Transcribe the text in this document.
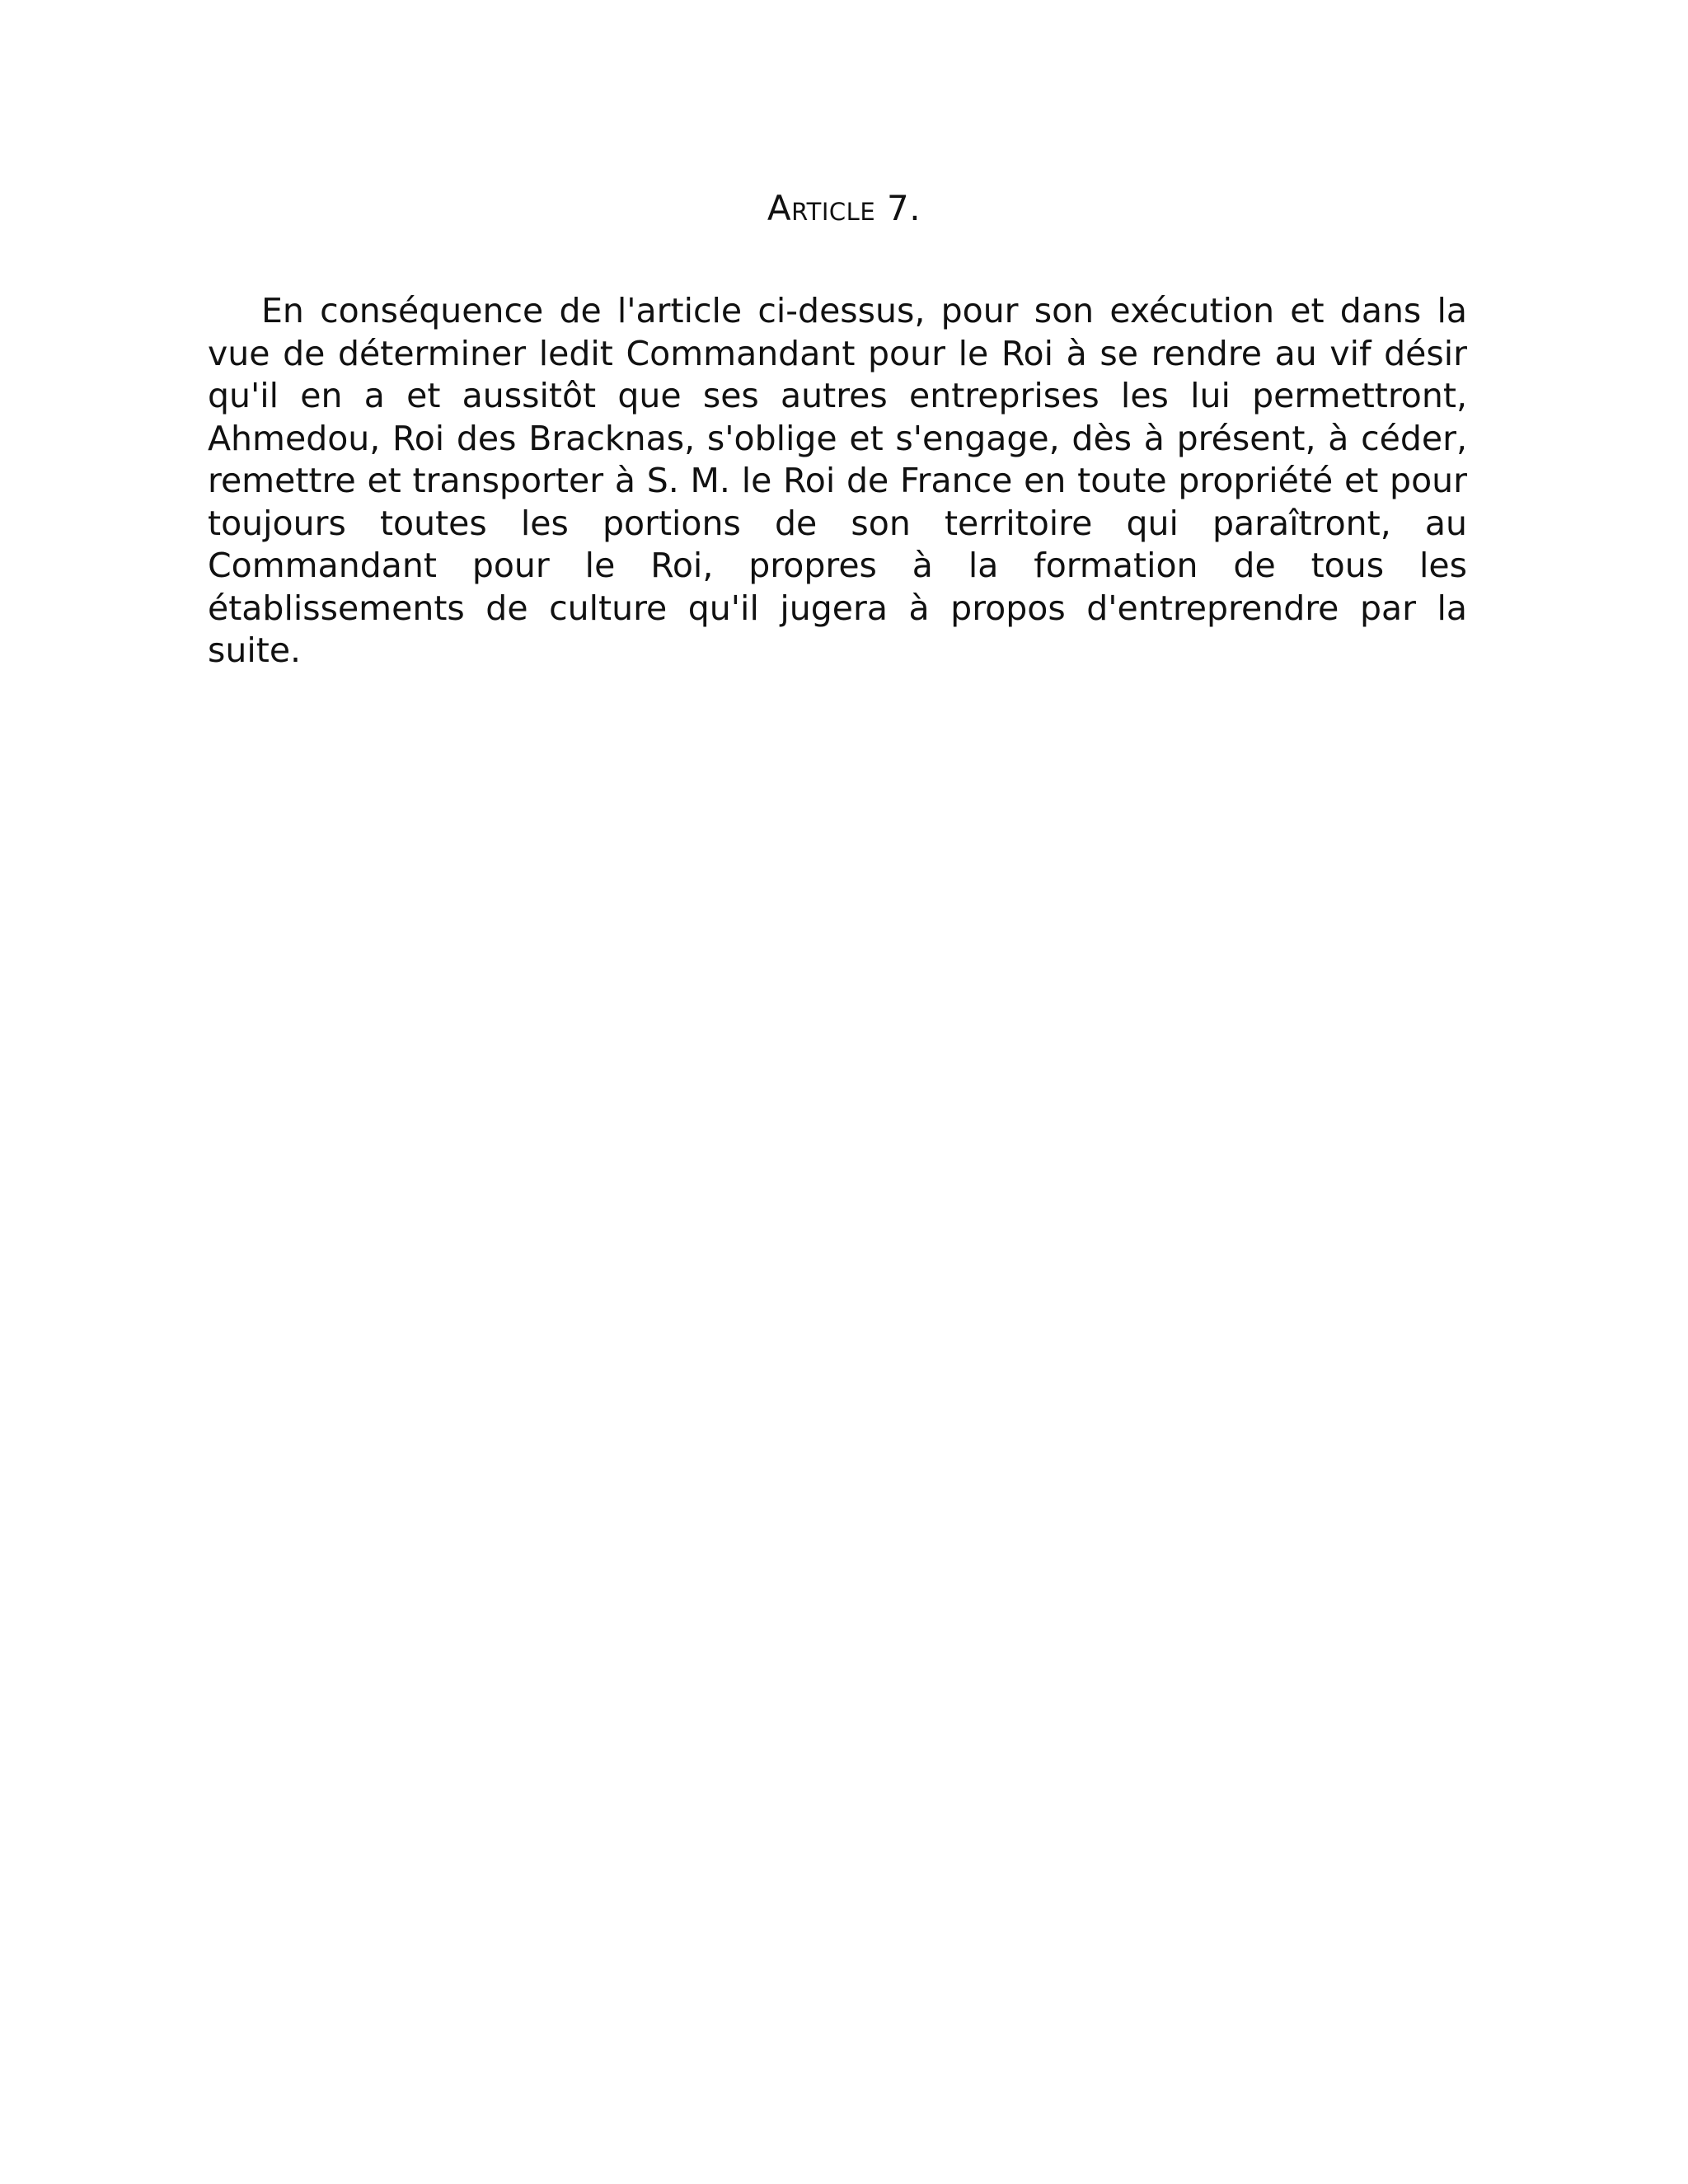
Article 7.

En conséquence de l'article ci-dessus, pour son exécution et dans la vue de déterminer ledit Commandant pour le Roi à se rendre au vif désir qu'il en a et aussitôt que ses autres entreprises les lui permettront, Ahmedou, Roi des Bracknas, s'oblige et s'engage, dès à présent, à céder, remettre et transporter à S. M. le Roi de France en toute propriété et pour toujours toutes les portions de son territoire qui paraîtront, au Commandant pour le Roi, propres à la formation de tous les établissements de culture qu'il jugera à propos d'entreprendre par la suite.
